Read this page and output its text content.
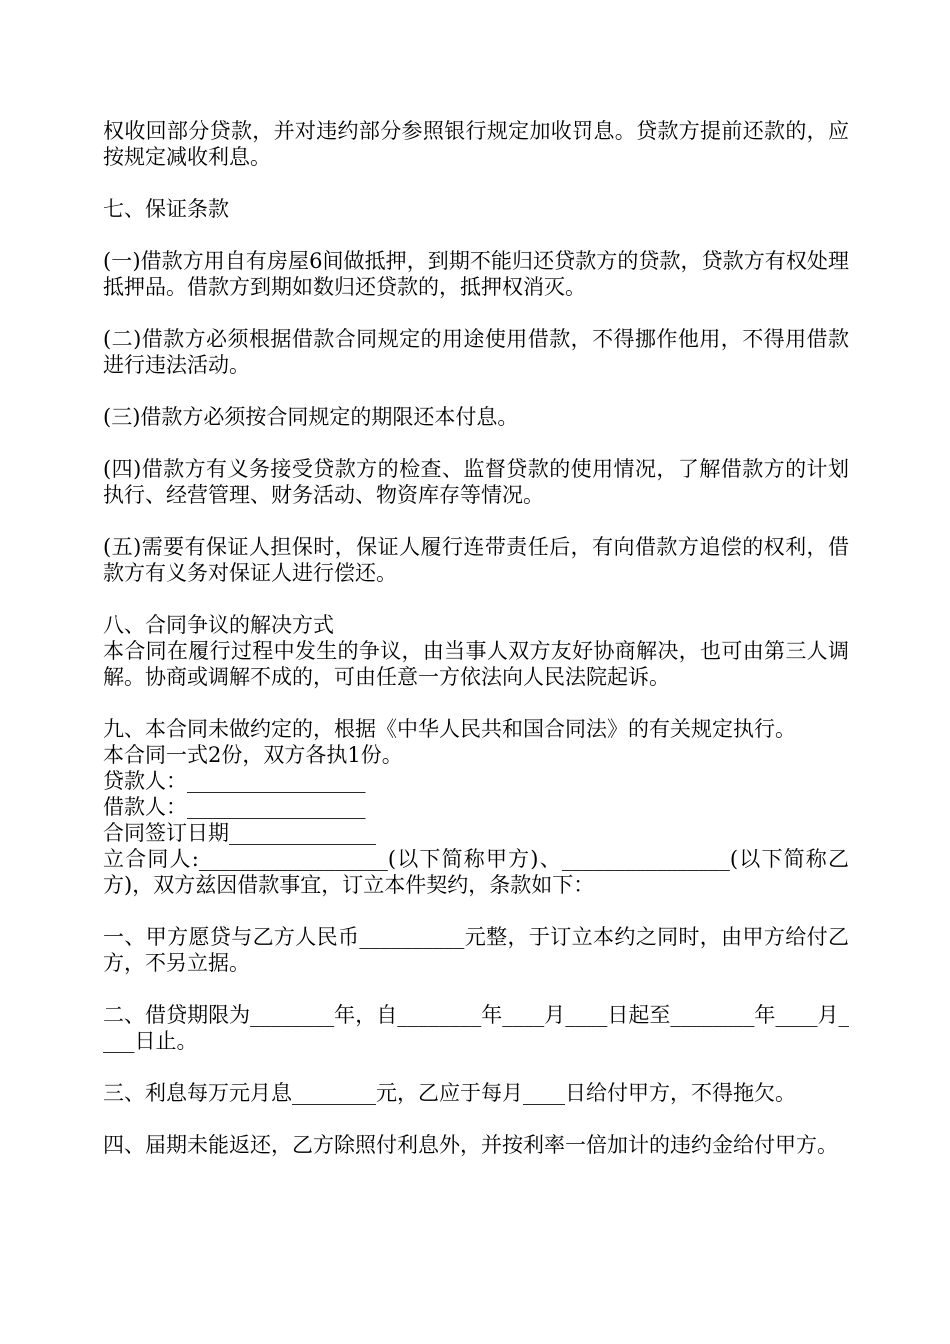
权收回部分贷款，并对违约部分参照银行规定加收罚息。贷款方提前还款的，应按规定减收利息。

七、保证条款

(一)借款方用自有房屋6间做抵押，到期不能归还贷款方的贷款，贷款方有权处理抵押品。借款方到期如数归还贷款的，抵押权消灭。

(二)借款方必须根据借款合同规定的用途使用借款，不得挪作他用，不得用借款进行违法活动。

(三)借款方必须按合同规定的期限还本付息。

(四)借款方有义务接受贷款方的检查、监督贷款的使用情况，了解借款方的计划执行、经营管理、财务活动、物资库存等情况。

(五)需要有保证人担保时，保证人履行连带责任后，有向借款方追偿的权利，借款方有义务对保证人进行偿还。

八、合同争议的解决方式

本合同在履行过程中发生的争议，由当事人双方友好协商解决，也可由第三人调解。协商或调解不成的，可由任意一方依法向人民法院起诉。

九、本合同未做约定的，根据《中华人民共和国合同法》的有关规定执行。

本合同一式2份，双方各执1份。

贷款人：_________________

借款人：_________________

合同签订日期______________

立合同人:__________________(以下简称甲方)、________________(以下简称乙方)，双方兹因借款事宜，订立本件契约，条款如下：

一、甲方愿贷与乙方人民币__________元整，于订立本约之同时，由甲方给付乙方，不另立据。

二、借贷期限为________年，自________年____月____日起至________年____月____日止。

三、利息每万元月息________元，乙应于每月____日给付甲方，不得拖欠。

四、届期未能返还，乙方除照付利息外，并按利率一倍加计的违约金给付甲方。
